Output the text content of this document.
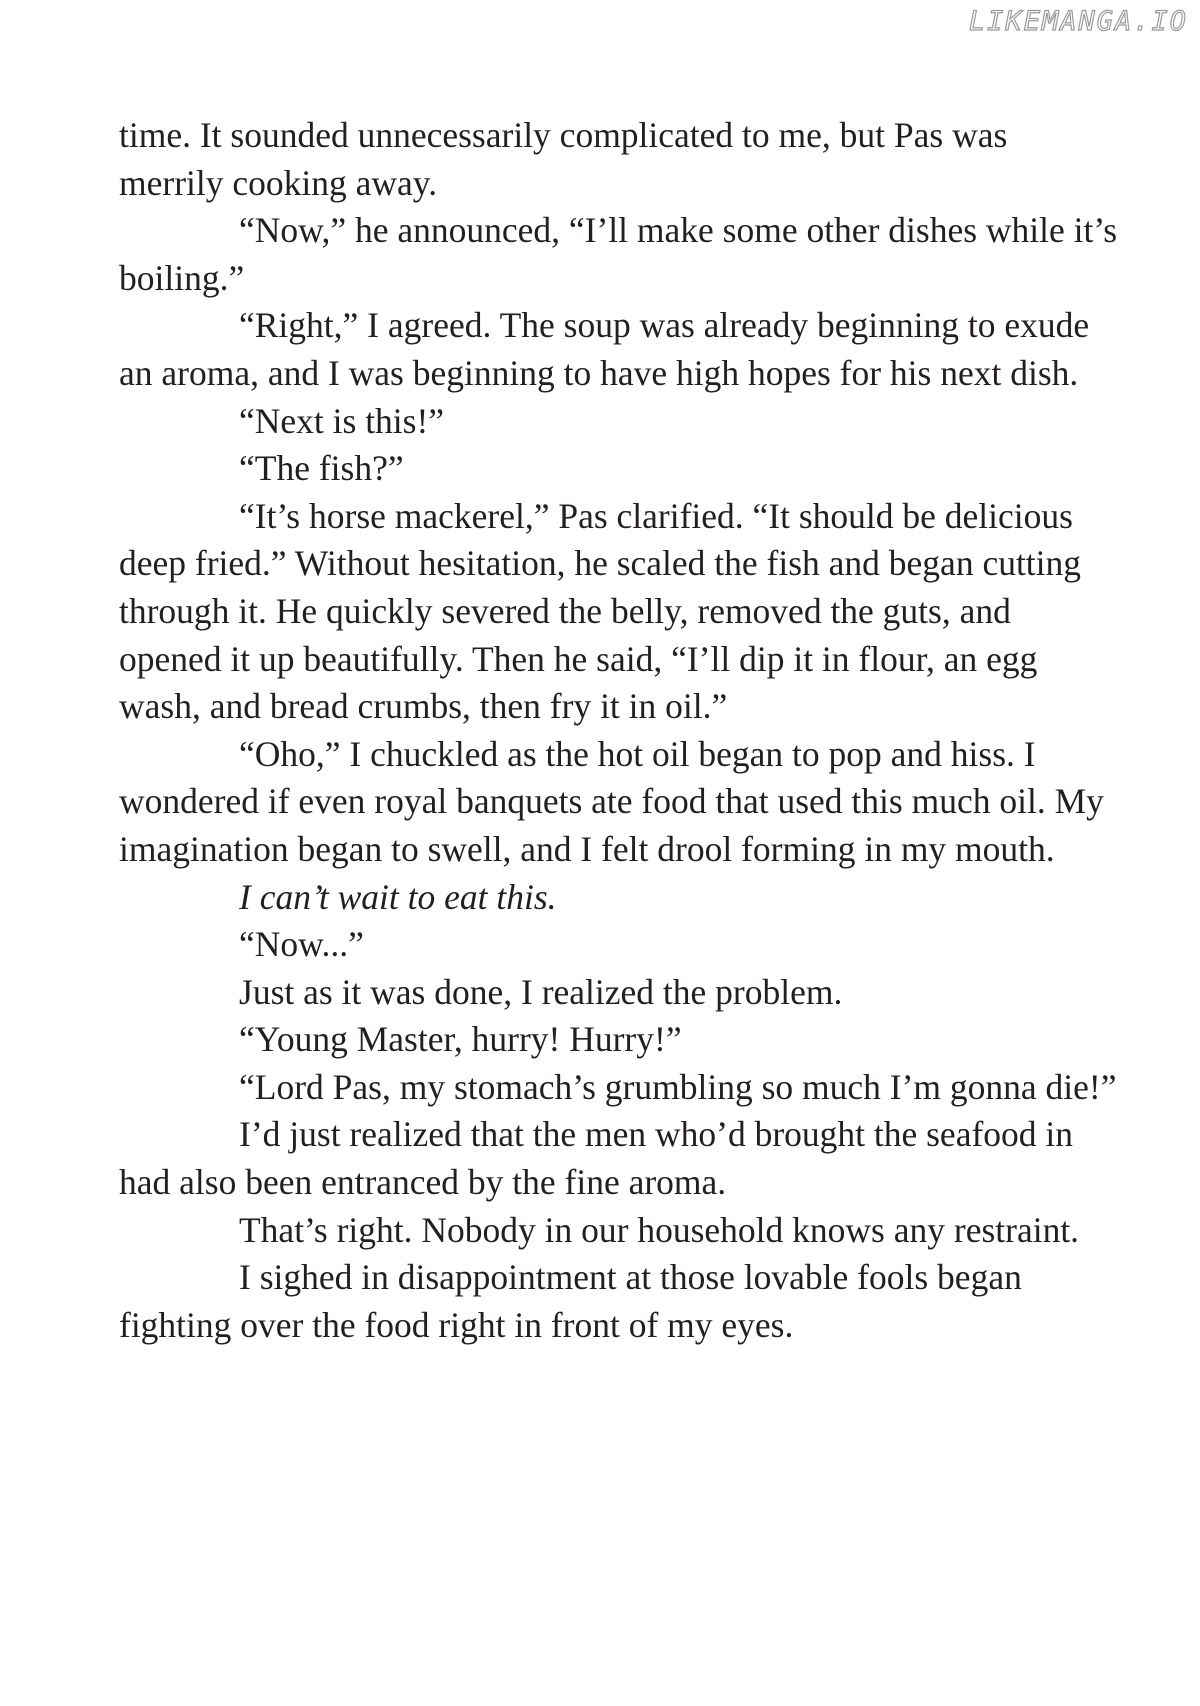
LIKEMANGA.IO

time. It sounded unnecessarily complicated to me, but Pas was merrily cooking away.

“Now,” he announced, “I’ll make some other dishes while it’s boiling.”

“Right,” I agreed. The soup was already beginning to exude an aroma, and I was beginning to have high hopes for his next dish.

“Next is this!”

“The fish?”

“It’s horse mackerel,” Pas clarified. “It should be delicious deep fried.” Without hesitation, he scaled the fish and began cutting through it. He quickly severed the belly, removed the guts, and opened it up beautifully. Then he said, “I’ll dip it in flour, an egg wash, and bread crumbs, then fry it in oil.”

“Oho,” I chuckled as the hot oil began to pop and hiss. I wondered if even royal banquets ate food that used this much oil. My imagination began to swell, and I felt drool forming in my mouth.

I can’t wait to eat this.

“Now...”

Just as it was done, I realized the problem.

“Young Master, hurry! Hurry!”

“Lord Pas, my stomach’s grumbling so much I’m gonna die!”

I’d just realized that the men who’d brought the seafood in had also been entranced by the fine aroma.

That’s right. Nobody in our household knows any restraint.

I sighed in disappointment at those lovable fools began fighting over the food right in front of my eyes.
